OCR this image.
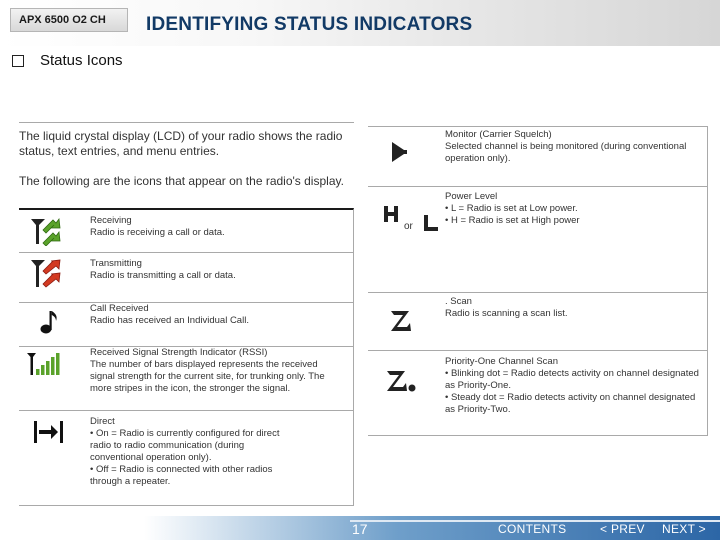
APX 6500 O2 CH	IDENTIFYING STATUS INDICATORS
Status Icons
The liquid crystal display (LCD) of your radio shows the radio status, text entries, and menu entries.
The following are the icons that appear on the radio's display.
Receiving
Radio is receiving a call or data.
Transmitting
Radio is transmitting a call or data.
Call Received
Radio has received an Individual Call.
Received Signal Strength Indicator (RSSI)
The number of bars displayed represents the received signal strength for the current site, for trunking only. The more stripes in the icon, the stronger the signal.
Direct
• On = Radio is currently configured for direct radio to radio communication (during conventional operation only).
• Off = Radio is connected with other radios through a repeater.
Monitor (Carrier Squelch)
Selected channel is being monitored (during conventional operation only).
or
Power Level
• L = Radio is set at Low power.
• H = Radio is set at High power
. Scan
Radio is scanning a scan list.
Priority-One Channel Scan
• Blinking dot = Radio detects activity on channel designated as Priority-One.
• Steady dot = Radio detects activity on channel designated as Priority-Two.
17	CONTENTS	< PREV NEXT >
